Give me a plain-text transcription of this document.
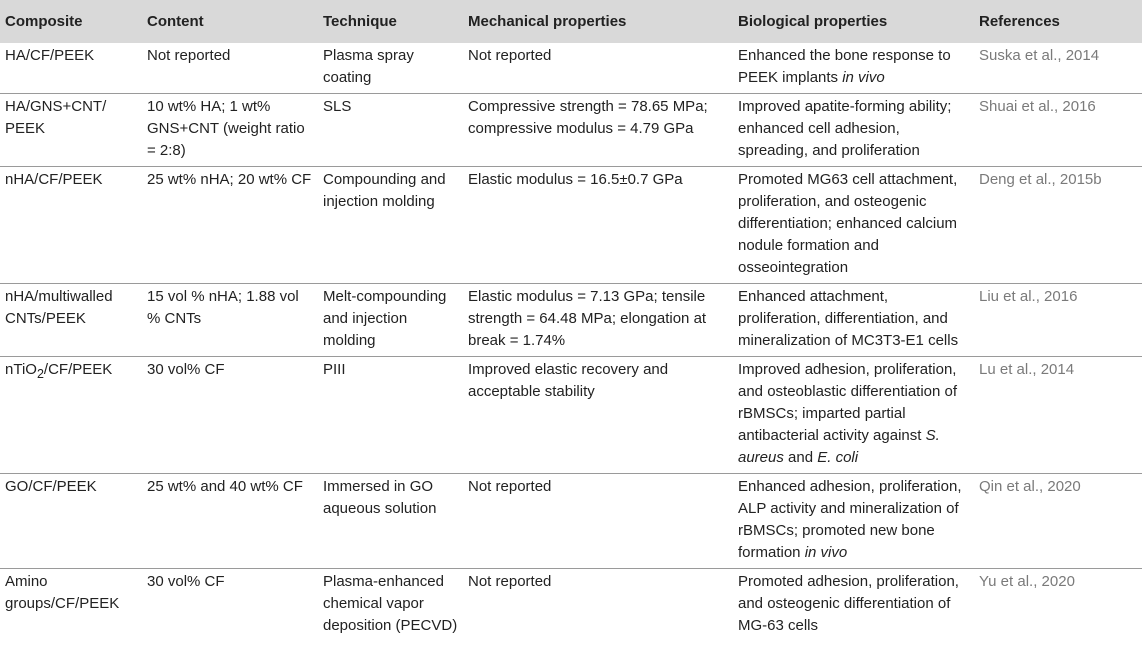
Composite	Content	Technique	Mechanical properties	Biological properties	References
HA/CF/PEEK	Not reported	Plasma spray coating	Not reported	Enhanced the bone response to PEEK implants in vivo	Suska et al., 2014
HA/GNS+CNT/ PEEK	10 wt% HA; 1 wt% GNS+CNT (weight ratio = 2:8)	SLS	Compressive strength = 78.65 MPa; compressive modulus = 4.79 GPa	Improved apatite-forming ability; enhanced cell adhesion, spreading, and proliferation	Shuai et al., 2016
nHA/CF/PEEK	25 wt% nHA; 20 wt% CF	Compounding and injection molding	Elastic modulus = 16.5±0.7 GPa	Promoted MG63 cell attachment, proliferation, and osteogenic differentiation; enhanced calcium nodule formation and osseointegration	Deng et al., 2015b
nHA/multiwalled CNTs/PEEK	15 vol % nHA; 1.88 vol % CNTs	Melt-compounding and injection molding	Elastic modulus = 7.13 GPa; tensile strength = 64.48 MPa; elongation at break = 1.74%	Enhanced attachment, proliferation, differentiation, and mineralization of MC3T3-E1 cells	Liu et al., 2016
nTiO$_2$/CF/PEEK	30 vol% CF	PIII	Improved elastic recovery and acceptable stability	Improved adhesion, proliferation, and osteoblastic differentiation of rBMSCs; imparted partial antibacterial activity against S. aureus and E. coli	Lu et al., 2014
GO/CF/PEEK	25 wt% and 40 wt% CF	Immersed in GO aqueous solution	Not reported	Enhanced adhesion, proliferation, ALP activity and mineralization of rBMSCs; promoted new bone formation in vivo	Qin et al., 2020
Amino groups/CF/PEEK	30 vol% CF	Plasma-enhanced chemical vapor deposition (PECVD)	Not reported	Promoted adhesion, proliferation, and osteogenic differentiation of MG-63 cells	Yu et al., 2020
